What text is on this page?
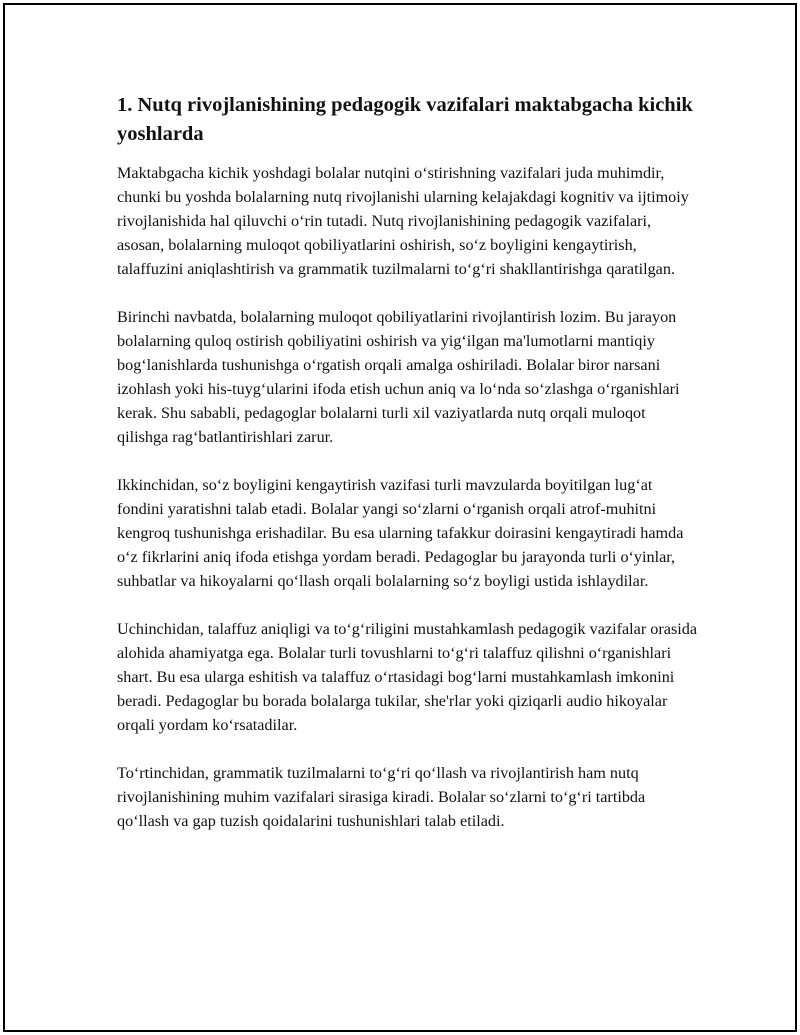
1. Nutq rivojlanishining pedagogik vazifalari maktabgacha kichik yoshlarda

Maktabgacha kichik yoshdagi bolalar nutqini o‘stirishning vazifalari juda muhimdir, chunki bu yoshda bolalarning nutq rivojlanishi ularning kelajakdagi kognitiv va ijtimoiy rivojlanishida hal qiluvchi o‘rin tutadi. Nutq rivojlanishining pedagogik vazifalari, asosan, bolalarning muloqot qobiliyatlarini oshirish, so‘z boyligini kengaytirish, talaffuzini aniqlashtirish va grammatik tuzilmalarni to‘g‘ri shakllantirishga qaratilgan.

Birinchi navbatda, bolalarning muloqot qobiliyatlarini rivojlantirish lozim. Bu jarayon bolalarning quloq ostirish qobiliyatini oshirish va yig‘ilgan ma'lumotlarni mantiqiy bog‘lanishlarda tushunishga o‘rgatish orqali amalga oshiriladi. Bolalar biror narsani izohlash yoki his-tuyg‘ularini ifoda etish uchun aniq va lo‘nda so‘zlashga o‘rganishlari kerak. Shu sababli, pedagoglar bolalarni turli xil vaziyatlarda nutq orqali muloqot qilishga rag‘batlantirishlari zarur.

Ikkinchidan, so‘z boyligini kengaytirish vazifasi turli mavzularda boyitilgan lug‘at fondini yaratishni talab etadi. Bolalar yangi so‘zlarni o‘rganish orqali atrof-muhitni kengroq tushunishga erishadilar. Bu esa ularning tafakkur doirasini kengaytiradi hamda o‘z fikrlarini aniq ifoda etishga yordam beradi. Pedagoglar bu jarayonda turli o‘yinlar, suhbatlar va hikoyalarni qo‘llash orqali bolalarning so‘z boyligi ustida ishlaydilar.

Uchinchidan, talaffuz aniqligi va to‘g‘riligini mustahkamlash pedagogik vazifalar orasida alohida ahamiyatga ega. Bolalar turli tovushlarni to‘g‘ri talaffuz qilishni o‘rganishlari shart. Bu esa ularga eshitish va talaffuz o‘rtasidagi bog‘larni mustahkamlash imkonini beradi. Pedagoglar bu borada bolalarga tukilar, she'rlar yoki qiziqarli audio hikoyalar orqali yordam ko‘rsatadilar.

To‘rtinchidan, grammatik tuzilmalarni to‘g‘ri qo‘llash va rivojlantirish ham nutq rivojlanishining muhim vazifalari sirasiga kiradi. Bolalar so‘zlarni to‘g‘ri tartibda qo‘llash va gap tuzish qoidalarini tushunishlari talab etiladi.
